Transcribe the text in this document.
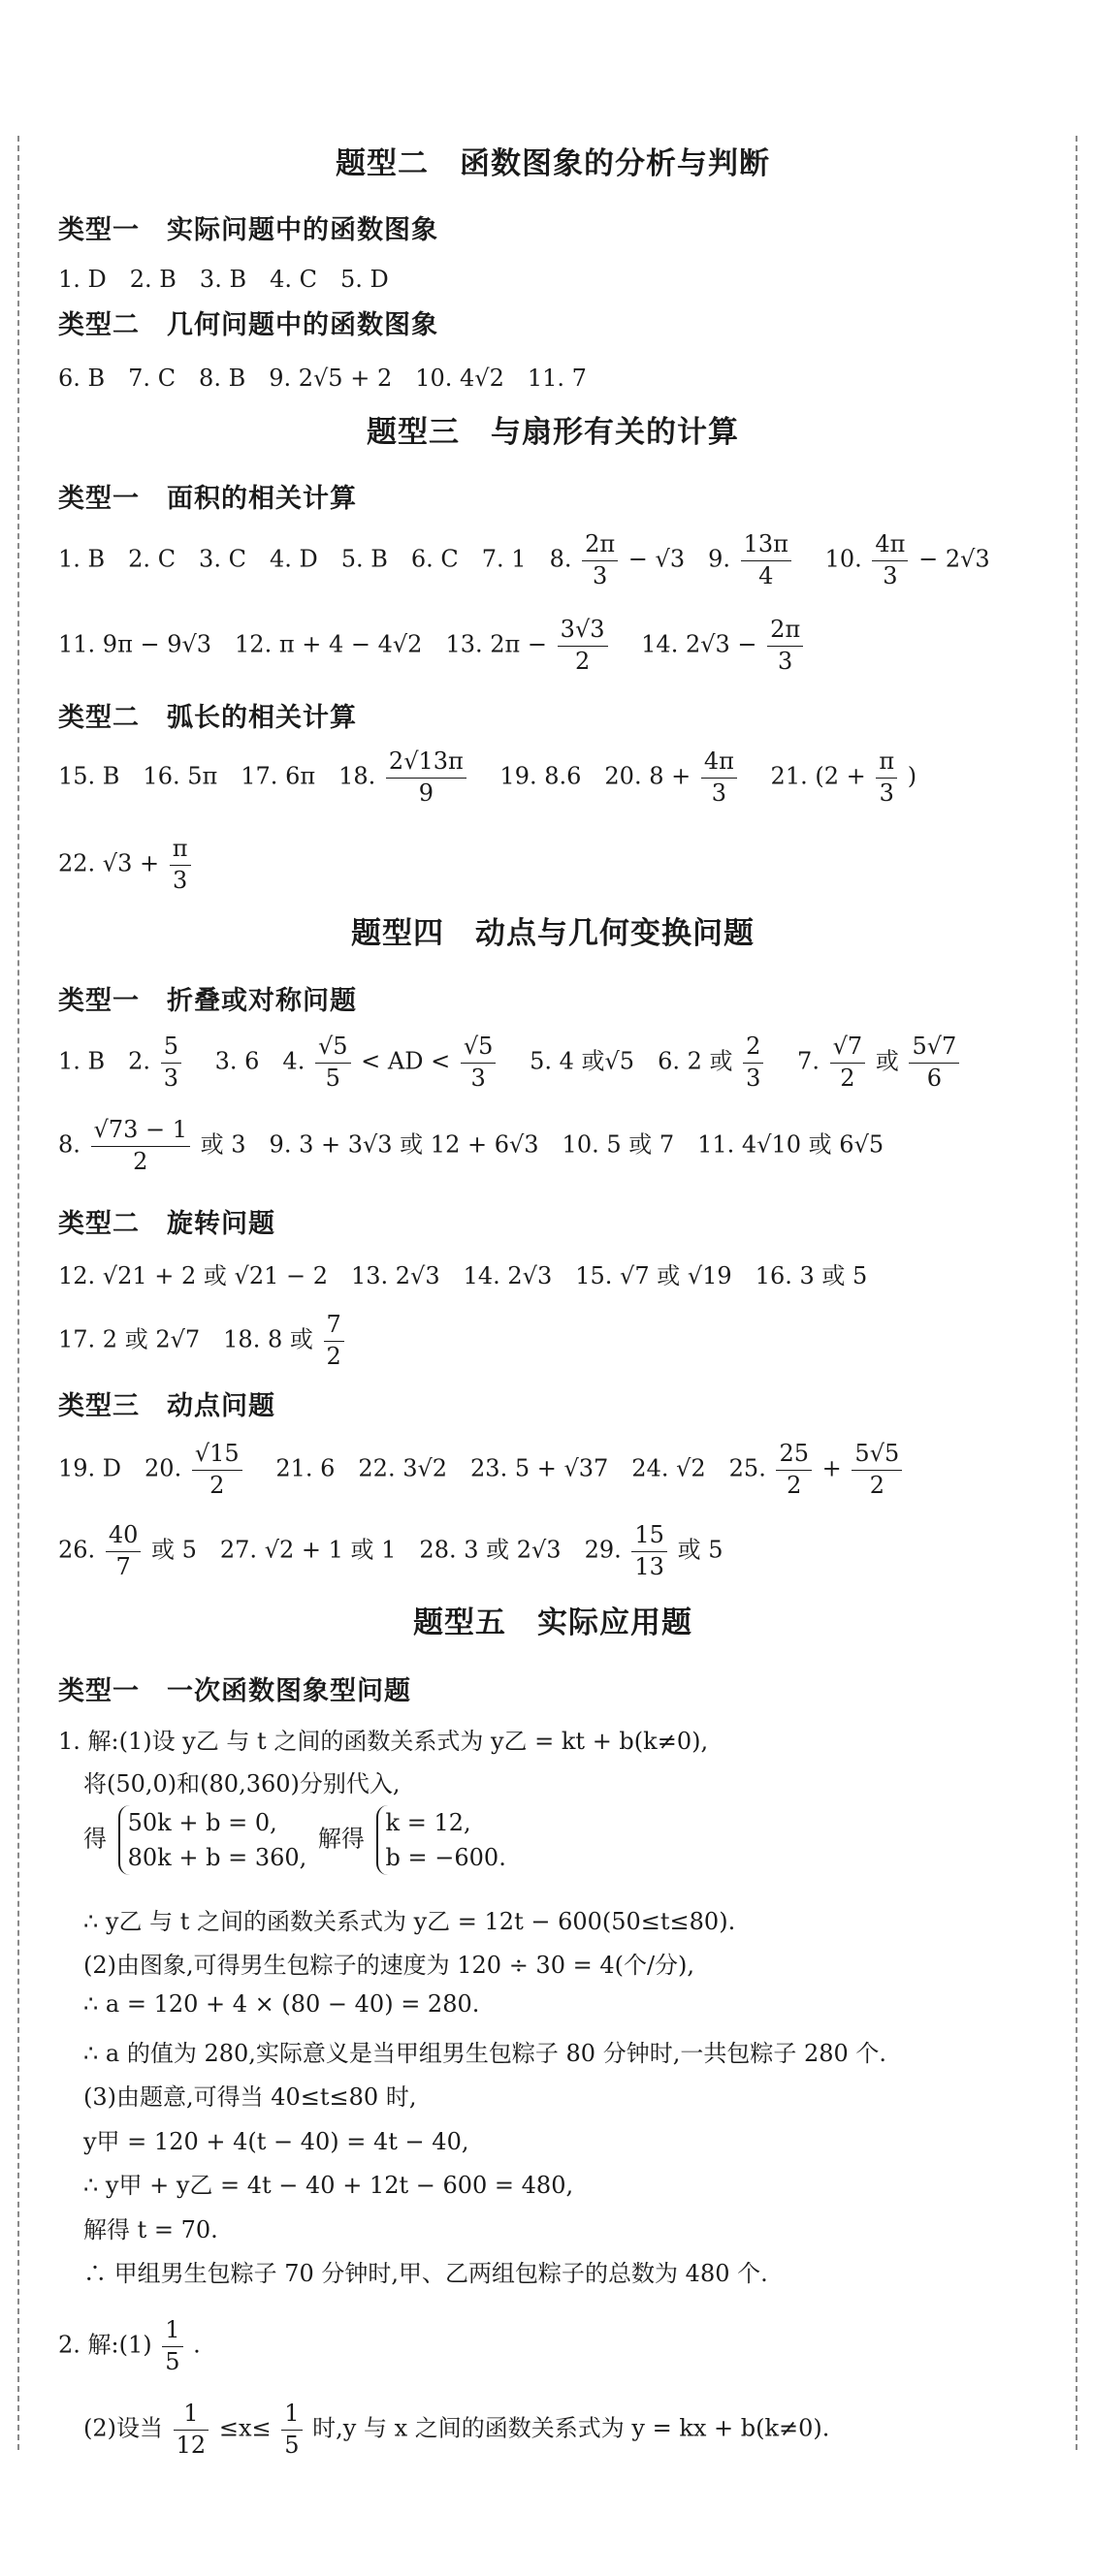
题型二　函数图象的分析与判断
类型一　实际问题中的函数图象
1. D　2. B　3. B　4. C　5. D
类型二　几何问题中的函数图象
6. B　7. C　8. B　9. 2√5 + 2　10. 4√2　11. 7
题型三　与扇形有关的计算
类型一　面积的相关计算
1. B　2. C　3. C　4. D　5. B　6. C　7. 1　8. $\frac{2\pi}{3} - √3$　9. $\frac{13\pi}{4}$ 　10. $\frac{4\pi}{3} - 2√3$
11. 9π − 9√3　12. π + 4 − 4√2　13. $2\pi - \frac{3√3}{2}$ 　14. $2√3 - \frac{2\pi}{3}$
类型二　弧长的相关计算
15. B　16. 5π　17. 6π　18. $\frac{2√13\pi}{9}$ 　19. 8.6　20. $8 + \frac{4\pi}{3}$ 　21. ($2 + \frac{\pi}{3}$ )
22. $√3 + \frac{\pi}{3}$
题型四　动点与几何变换问题
类型一　折叠或对称问题
1. B　2. $\frac{5}{3}$ 　3. 6　4. $\frac{√5}{5}$ < AD < $\frac{√5}{3}$ 　5. 4 或√5　6. 2 或 $\frac{2}{3}$ 　7. $\frac{√7}{2}$ 或 $\frac{5√7}{6}$
8. $\frac{√73 - 1}{2}$ 或 3　9. 3 + 3√3 或 12 + 6√3　10. 5 或 7　11. 4√10 或 6√5
类型二　旋转问题
12. √21 + 2 或 √21 − 2　13. 2√3　14. 2√3　15. √7 或 √19　16. 3 或 5
17. 2 或 2√7　18. 8 或 $\frac{7}{2}$
类型三　动点问题
19. D　20. $\frac{√15}{2}$ 　21. 6　22. 3√2　23. 5 + √37　24. √2　25. $\frac{25}{2} + \frac{5√5}{2}$
26. $\frac{40}{7}$ 或 5　27. √2 + 1 或 1　28. 3 或 2√3　29. $\frac{15}{13}$ 或 5
题型五　实际应用题
类型一　一次函数图象型问题
1. 解:(1)设 y乙 与 t 之间的函数关系式为 y乙 = kt + b(k≠0),
将(50,0)和(80,360)分别代入,
得
50k + b = 0,
80k + b = 360,
解得
k = 12,
b = −600.
∴ y乙 与 t 之间的函数关系式为 y乙 = 12t − 600(50≤t≤80).
(2)由图象,可得男生包粽子的速度为 120 ÷ 30 = 4(个/分),
∴ a = 120 + 4 × (80 − 40) = 280.
∴ a 的值为 280,实际意义是当甲组男生包粽子 80 分钟时,一共包粽子 280 个.
(3)由题意,可得当 40≤t≤80 时,
y甲 = 120 + 4(t − 40) = 4t − 40,
∴ y甲 + y乙 = 4t − 40 + 12t − 600 = 480,
解得 t = 70.
∴ 甲组男生包粽子 70 分钟时,甲、乙两组包粽子的总数为 480 个.
2. 解:(1) $\frac{1}{5}$ .
(2)设当 $\frac{1}{12} \le x\le \frac{1}{5}$ 时,y 与 x 之间的函数关系式为 y = kx + b(k≠0).
